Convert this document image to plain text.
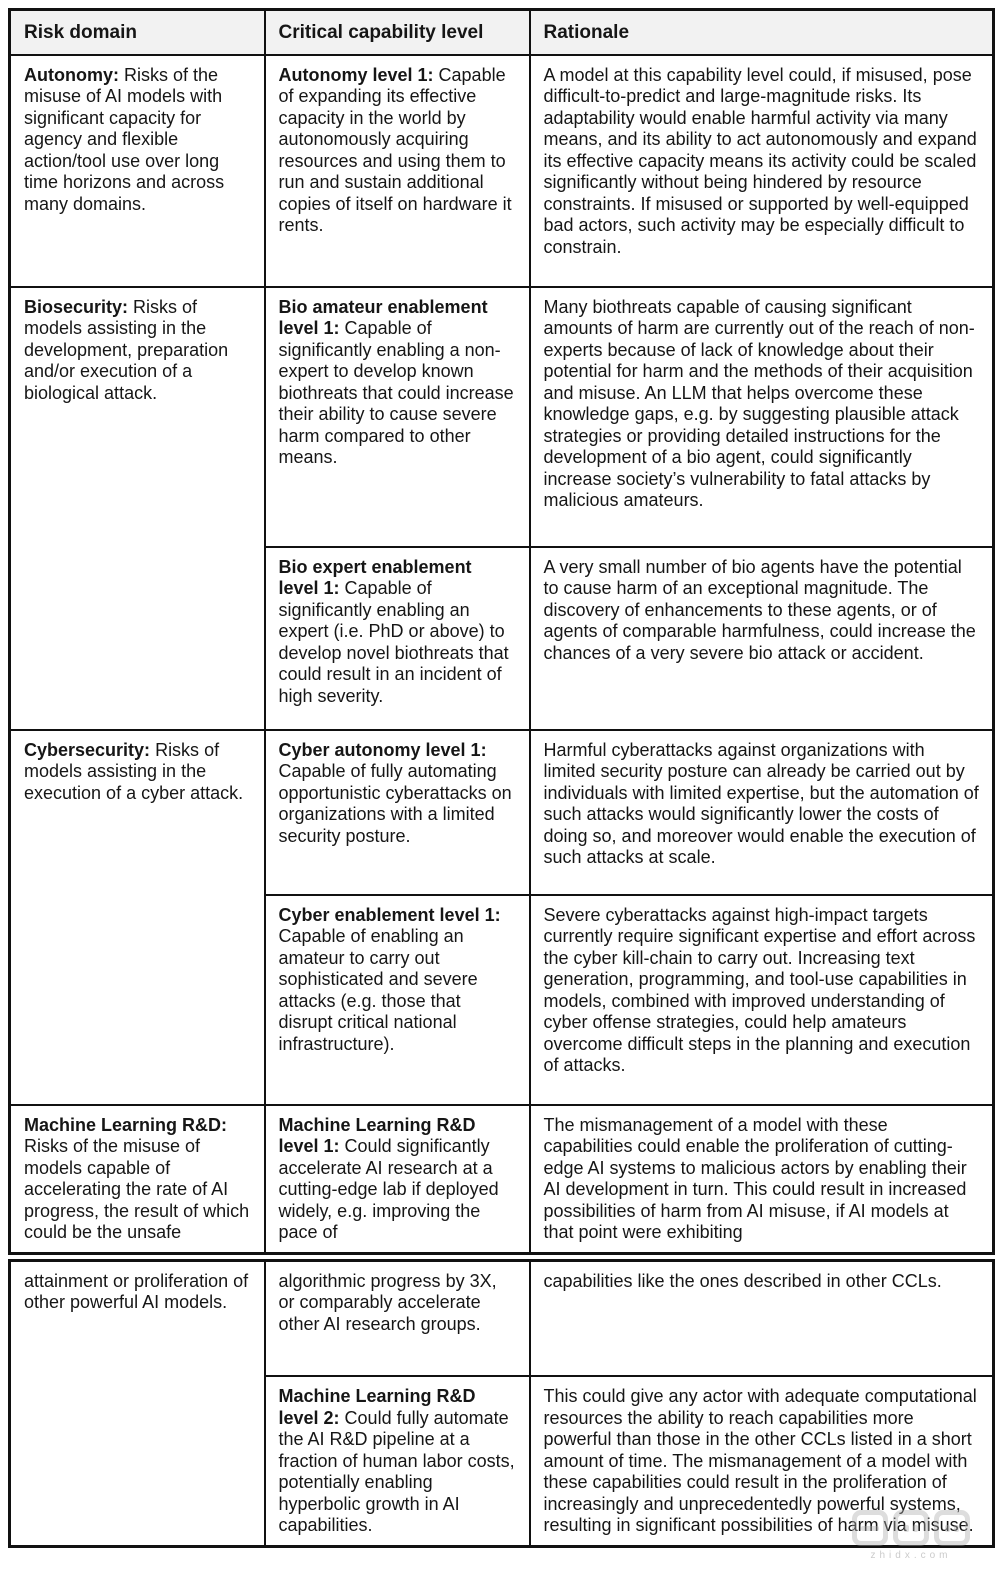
Risk domain	Critical capability level	Rationale
Autonomy: Risks of the misuse of AI models with significant capacity for agency and flexible action/tool use over long time horizons and across many domains.	Autonomy level 1: Capable of expanding its effective capacity in the world by autonomously acquiring resources and using them to run and sustain additional copies of itself on hardware it rents.	A model at this capability level could, if misused, pose difficult-to-predict and large-magnitude risks. Its adaptability would enable harmful activity via many means, and its ability to act autonomously and expand its effective capacity means its activity could be scaled significantly without being hindered by resource constraints. If misused or supported by well-equipped bad actors, such activity may be especially difficult to constrain.
Biosecurity: Risks of models assisting in the development, preparation and/or execution of a biological attack.	Bio amateur enablement level 1: Capable of significantly enabling a non-expert to develop known biothreats that could increase their ability to cause severe harm compared to other means.	Many biothreats capable of causing significant amounts of harm are currently out of the reach of non-experts because of lack of knowledge about their potential for harm and the methods of their acquisition and misuse. An LLM that helps overcome these knowledge gaps, e.g. by suggesting plausible attack strategies or providing detailed instructions for the development of a bio agent, could significantly increase society’s vulnerability to fatal attacks by malicious amateurs.
	Bio expert enablement level 1: Capable of significantly enabling an expert (i.e. PhD or above) to develop novel biothreats that could result in an incident of high severity.	A very small number of bio agents have the potential to cause harm of an exceptional magnitude. The discovery of enhancements to these agents, or of agents of comparable harmfulness, could increase the chances of a very severe bio attack or accident.
Cybersecurity: Risks of models assisting in the execution of a cyber attack.	Cyber autonomy level 1: Capable of fully automating opportunistic cyberattacks on organizations with a limited security posture.	Harmful cyberattacks against organizations with limited security posture can already be carried out by individuals with limited expertise, but the automation of such attacks would significantly lower the costs of doing so, and moreover would enable the execution of such attacks at scale.
	Cyber enablement level 1: Capable of enabling an amateur to carry out sophisticated and severe attacks (e.g. those that disrupt critical national infrastructure).	Severe cyberattacks against high-impact targets currently require significant expertise and effort across the cyber kill-chain to carry out. Increasing text generation, programming, and tool-use capabilities in models, combined with improved understanding of cyber offense strategies, could help amateurs overcome difficult steps in the planning and execution of attacks.
Machine Learning R&D: Risks of the misuse of models capable of accelerating the rate of AI progress, the result of which could be the unsafe	Machine Learning R&D level 1: Could significantly accelerate AI research at a cutting-edge lab if deployed widely, e.g. improving the pace of	The mismanagement of a model with these capabilities could enable the proliferation of cutting-edge AI systems to malicious actors by enabling their AI development in turn. This could result in increased possibilities of harm from AI misuse, if AI models at that point were exhibiting
attainment or proliferation of other powerful AI models.	algorithmic progress by 3X, or comparably accelerate other AI research groups.	capabilities like the ones described in other CCLs.
	Machine Learning R&D level 2: Could fully automate the AI R&D pipeline at a fraction of human labor costs, potentially enabling hyperbolic growth in AI capabilities.	This could give any actor with adequate computational resources the ability to reach capabilities more powerful than those in the other CCLs listed in a short amount of time. The mismanagement of a model with these capabilities could result in the proliferation of increasingly and unprecedentedly powerful systems, resulting in significant possibilities of harm via misuse.
zhidx.com
